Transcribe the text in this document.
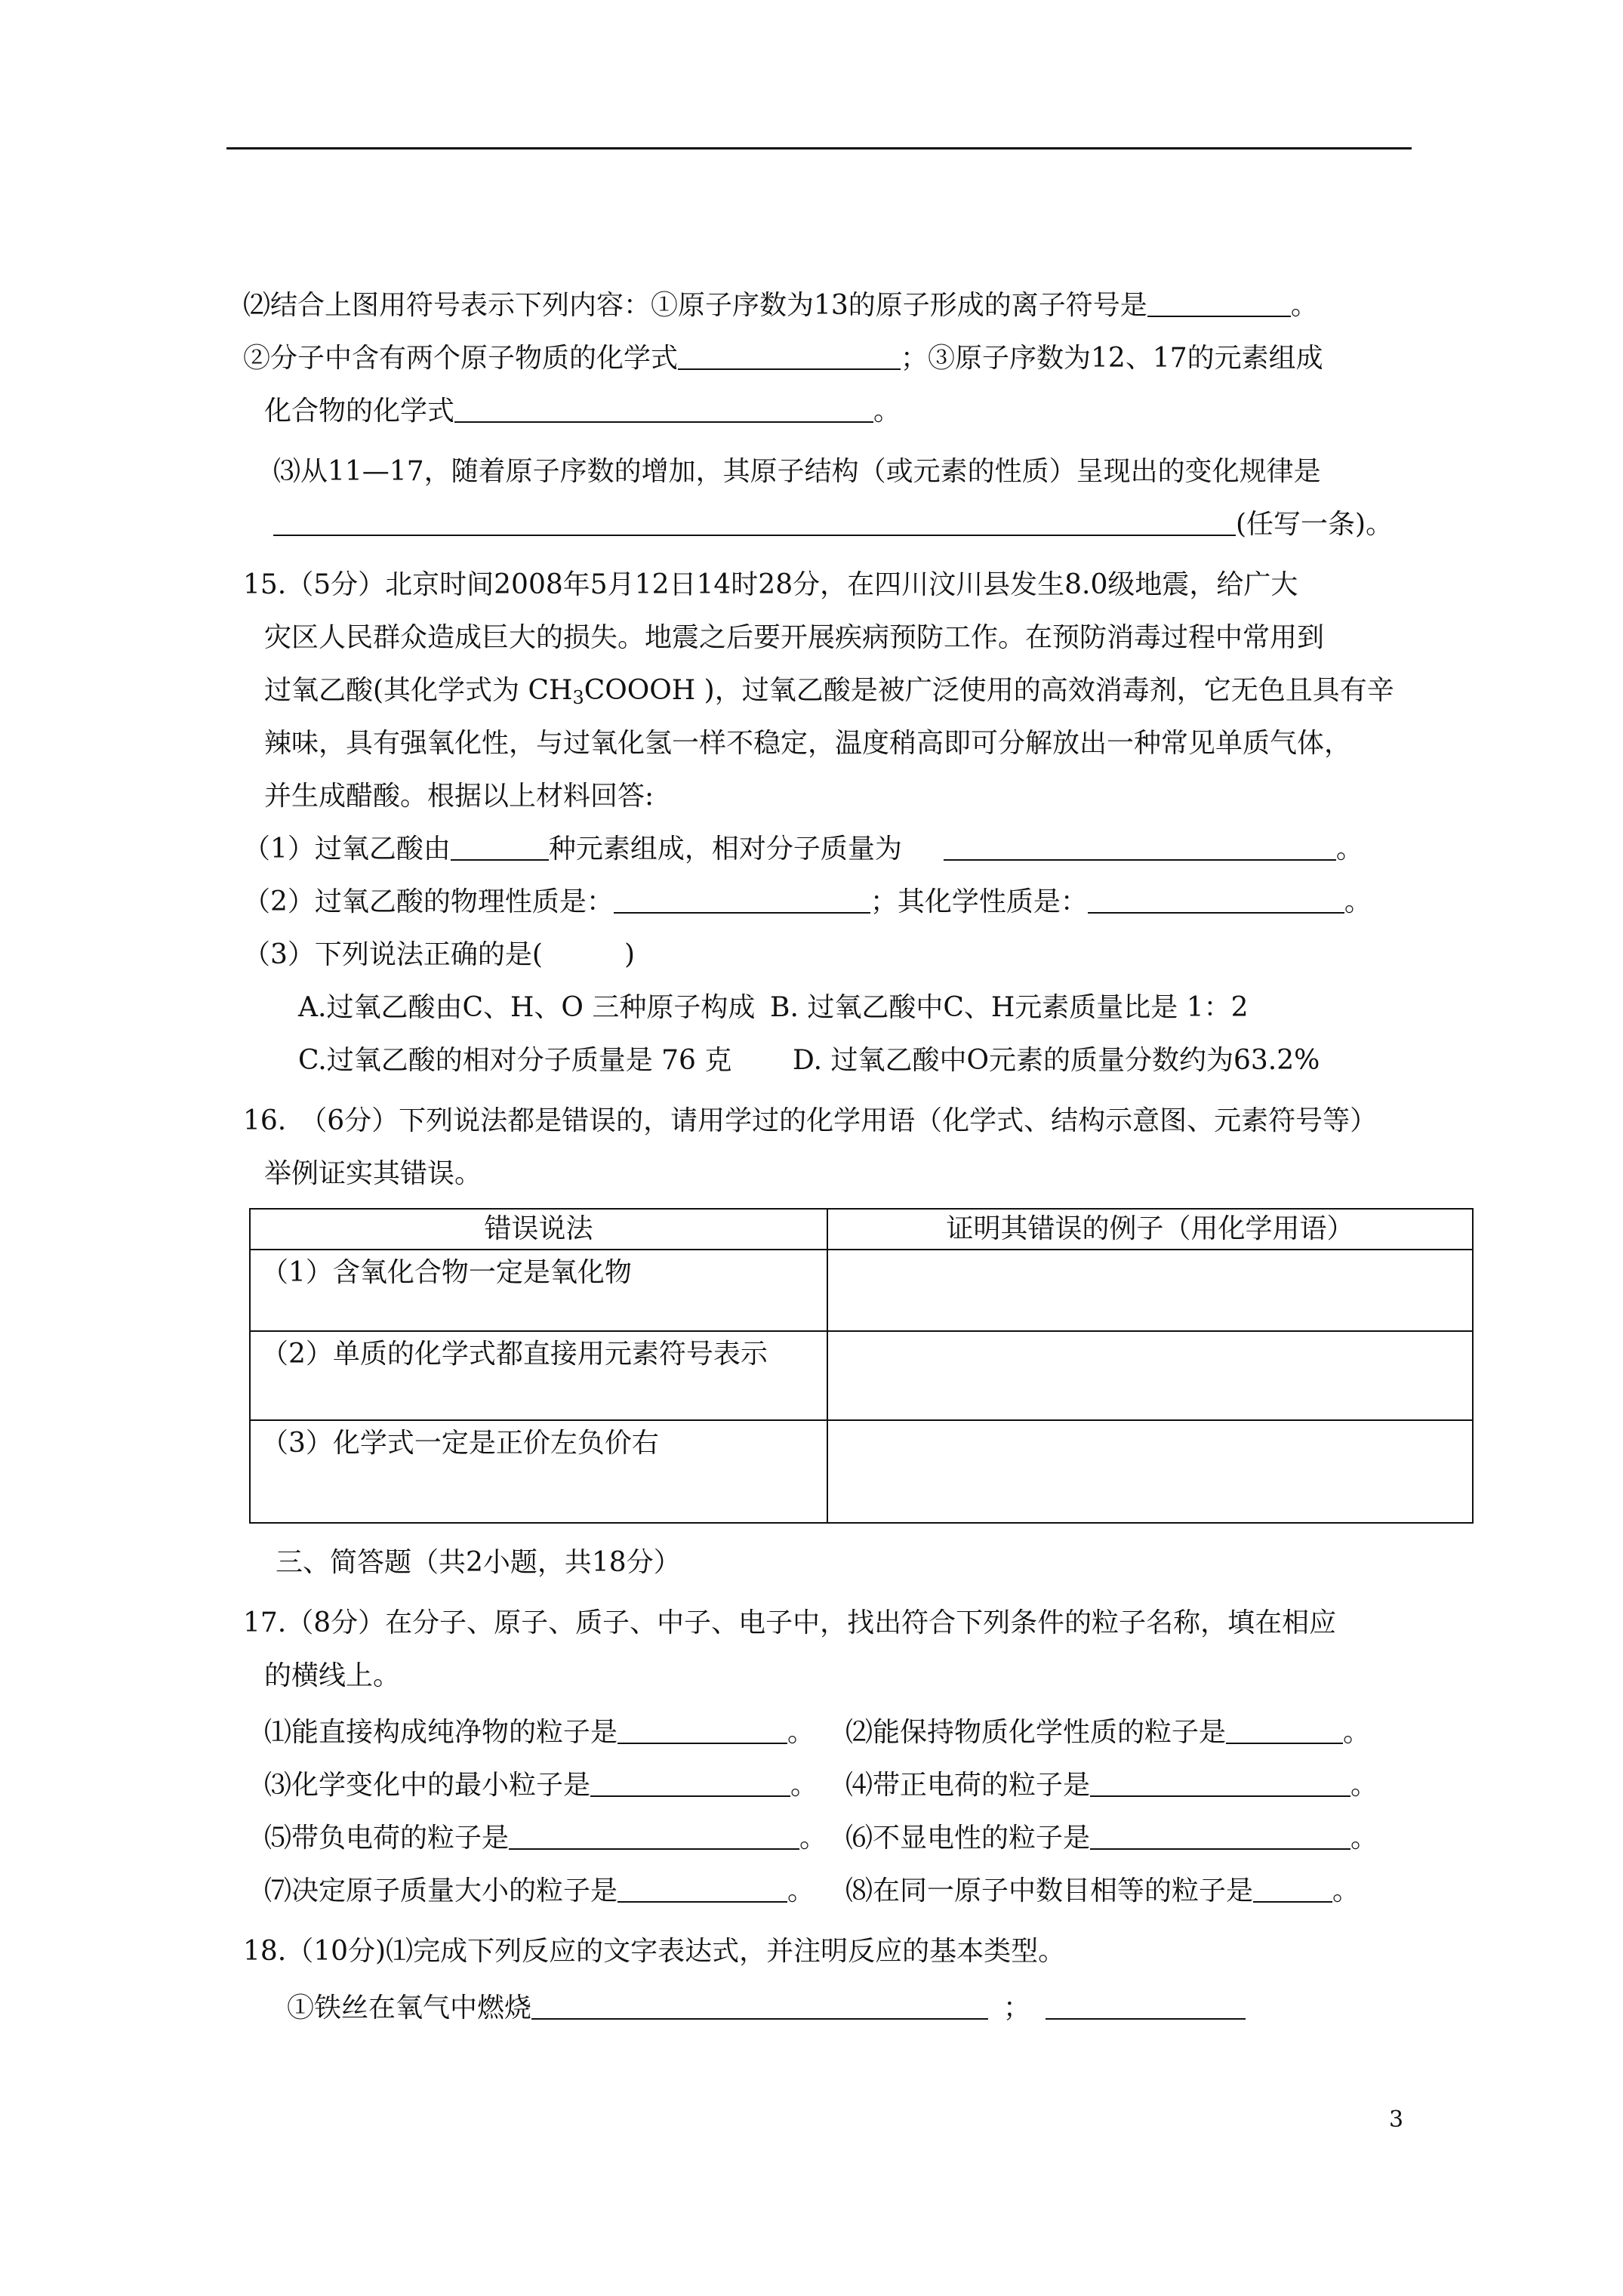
⑵结合上图用符号表示下列内容：①原子序数为13的原子形成的离子符号是	。
②分子中含有两个原子物质的化学式	；③原子序数为12、17的元素组成
化合物的化学式	。
⑶从11—17，随着原子序数的增加，其原子结构（或元素的性质）呈现出的变化规律是
(任写一条)。
15.（5分）北京时间2008年5月12日14时28分，在四川汶川县发生8.0级地震，给广大
灾区人民群众造成巨大的损失。地震之后要开展疾病预防工作。在预防消毒过程中常用到
过氧乙酸(其化学式为 $CH_3COOOH$ )，过氧乙酸是被广泛使用的高效消毒剂，它无色且具有辛
辣味，具有强氧化性，与过氧化氢一样不稳定，温度稍高即可分解放出一种常见单质气体，
并生成醋酸。根据以上材料回答:
（1）过氧乙酸由	种元素组成，相对分子质量为	。
（2）过氧乙酸的物理性质是：	；其化学性质是：	。
（3）下列说法正确的是(　　　)
A.过氧乙酸由C、H、O 三种原子构成 B. 过氧乙酸中C、H元素质量比是 1：2
C.过氧乙酸的相对分子质量是 76 克 D. 过氧乙酸中O元素的质量分数约为63.2%
16.　（6分）下列说法都是错误的，请用学过的化学用语（化学式、结构示意图、元素符号等）
举例证实其错误。
错误说法	证明其错误的例子（用化学用语）
（1）含氧化合物一定是氧化物	
（2）单质的化学式都直接用元素符号表示	
（3）化学式一定是正价左负价右	
三、简答题（共2小题，共18分）
17.（8分）在分子、原子、质子、中子、电子中，找出符合下列条件的粒子名称，填在相应
的横线上。
⑴能直接构成纯净物的粒子是	。 ⑵能保持物质化学性质的粒子是	。
⑶化学变化中的最小粒子是	。 ⑷带正电荷的粒子是	。
⑸带负电荷的粒子是	。 ⑹不显电性的粒子是	。
⑺决定原子质量大小的粒子是	。 ⑻在同一原子中数目相等的粒子是	。
18.（10分)⑴完成下列反应的文字表达式，并注明反应的基本类型。
①铁丝在氧气中燃烧	；
3
